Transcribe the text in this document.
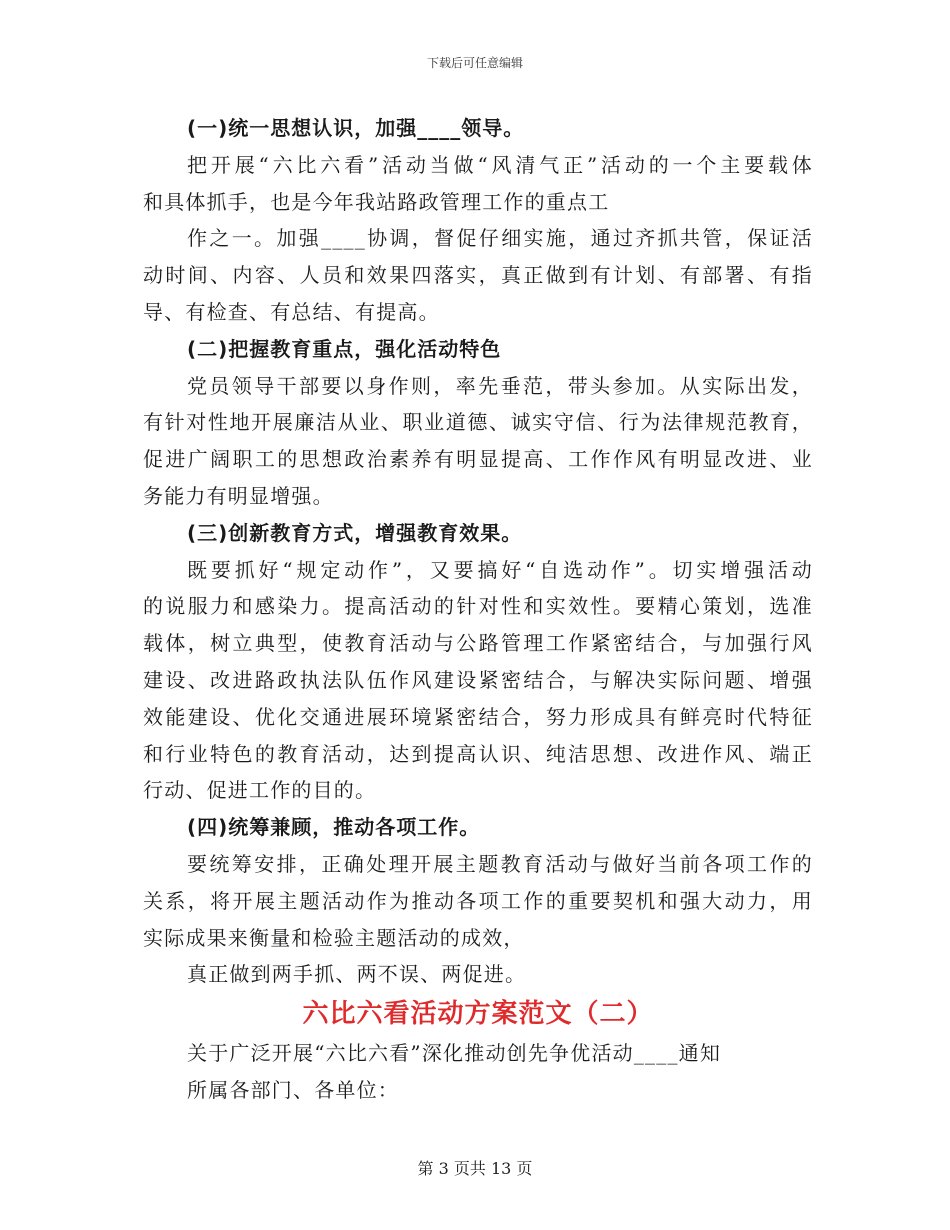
下载后可任意编辑
(一)统一思想认识，加强____领导。
把开展“六比六看”活动当做“风清气正”活动的一个主要载体
和具体抓手，也是今年我站路政管理工作的重点工
作之一。加强____协调，督促仔细实施，通过齐抓共管，保证活
动时间、内容、人员和效果四落实，真正做到有计划、有部署、有指
导、有检查、有总结、有提高。
(二)把握教育重点，强化活动特色
党员领导干部要以身作则，率先垂范，带头参加。从实际出发，
有针对性地开展廉洁从业、职业道德、诚实守信、行为法律规范教育，
促进广阔职工的思想政治素养有明显提高、工作作风有明显改进、业
务能力有明显增强。
(三)创新教育方式，增强教育效果。
既要抓好“规定动作”，又要搞好“自选动作”。切实增强活动
的说服力和感染力。提高活动的针对性和实效性。要精心策划，选准
载体，树立典型，使教育活动与公路管理工作紧密结合，与加强行风
建设、改进路政执法队伍作风建设紧密结合，与解决实际问题、增强
效能建设、优化交通进展环境紧密结合，努力形成具有鲜亮时代特征
和行业特色的教育活动，达到提高认识、纯洁思想、改进作风、端正
行动、促进工作的目的。
(四)统筹兼顾，推动各项工作。
要统筹安排，正确处理开展主题教育活动与做好当前各项工作的
关系，将开展主题活动作为推动各项工作的重要契机和强大动力，用
实际成果来衡量和检验主题活动的成效，
真正做到两手抓、两不误、两促进。
六比六看活动方案范文（二）
关于广泛开展“六比六看”深化推动创先争优活动____通知
所属各部门、各单位：
第 3 页共 13 页
